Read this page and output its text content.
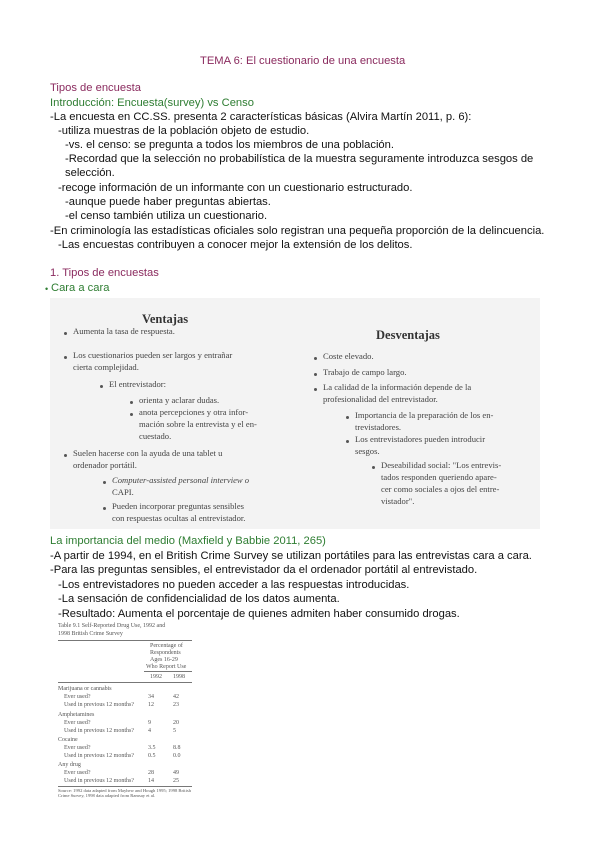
TEMA 6: El cuestionario de una encuesta
Tipos de encuesta
Introducción: Encuesta(survey) vs Censo
-La encuesta en CC.SS. presenta 2 características básicas (Alvira Martín 2011, p. 6):
-utiliza muestras de la población objeto de estudio.
-vs. el censo: se pregunta a todos los miembros de una población.
-Recordad que la selección no probabilística de la muestra seguramente introduzca sesgos de
selección.
-recoge información de un informante con un cuestionario estructurado.
-aunque puede haber preguntas abiertas.
-el censo también utiliza un cuestionario.
-En criminología las estadísticas oficiales solo registran una pequeña proporción de la delincuencia.
-Las encuestas contribuyen a conocer mejor la extensión de los delitos.
1. Tipos de encuestas
• Cara a cara
Ventajas
Aumenta la tasa de respuesta.
Los cuestionarios pueden ser largos y entrañar
cierta complejidad.
El entrevistador:
orienta y aclarar dudas.
anota percepciones y otra infor-
mación sobre la entrevista y el en-
cuestado.
Suelen hacerse con la ayuda de una tablet u
ordenador portátil.
Computer-assisted personal interview o
CAPI.
Pueden incorporar preguntas sensibles
con respuestas ocultas al entrevistador.
Desventajas
Coste elevado.
Trabajo de campo largo.
La calidad de la información depende de la
profesionalidad del entrevistador.
Importancia de la preparación de los en-
trevistadores.
Los entrevistadores pueden introducir
sesgos.
Deseabilidad social: "Los entrevis-
tados responden queriendo apare-
cer como sociales a ojos del entre-
vistador".
La importancia del medio (Maxfield y Babbie 2011, 265)
-A partir de 1994, en el British Crime Survey se utilizan portátiles para las entrevistas cara a cara.
-Para las preguntas sensibles, el entrevistador da el ordenador portátil al entrevistado.
-Los entrevistadores no pueden acceder a las respuestas introducidas.
-La sensación de confidencialidad de los datos aumenta.
-Resultado: Aumenta el porcentaje de quienes admiten haber consumido drogas.
Table 9.1 Self-Reported Drug Use, 1992 and
1998 British Crime Survey
Percentage of
Respondents
Ages 16-29
Who Report Use
1992 1998
Marijuana or cannabis
Ever used?	34	42
Used in previous 12 months? 12	23
Amphetamines
Ever used?	9	20
Used in previous 12 months? 4	5
Cocaine
Ever used?	3.5	8.8
Used in previous 12 months? 0.5	0.0
Any drug
Ever used?	28	49
Used in previous 12 months? 14	25
Source: 1992 data adapted from Mayhew and Hough 1995; 1998 British
Crime Survey, 1998 data adapted from Ramsay et al.
